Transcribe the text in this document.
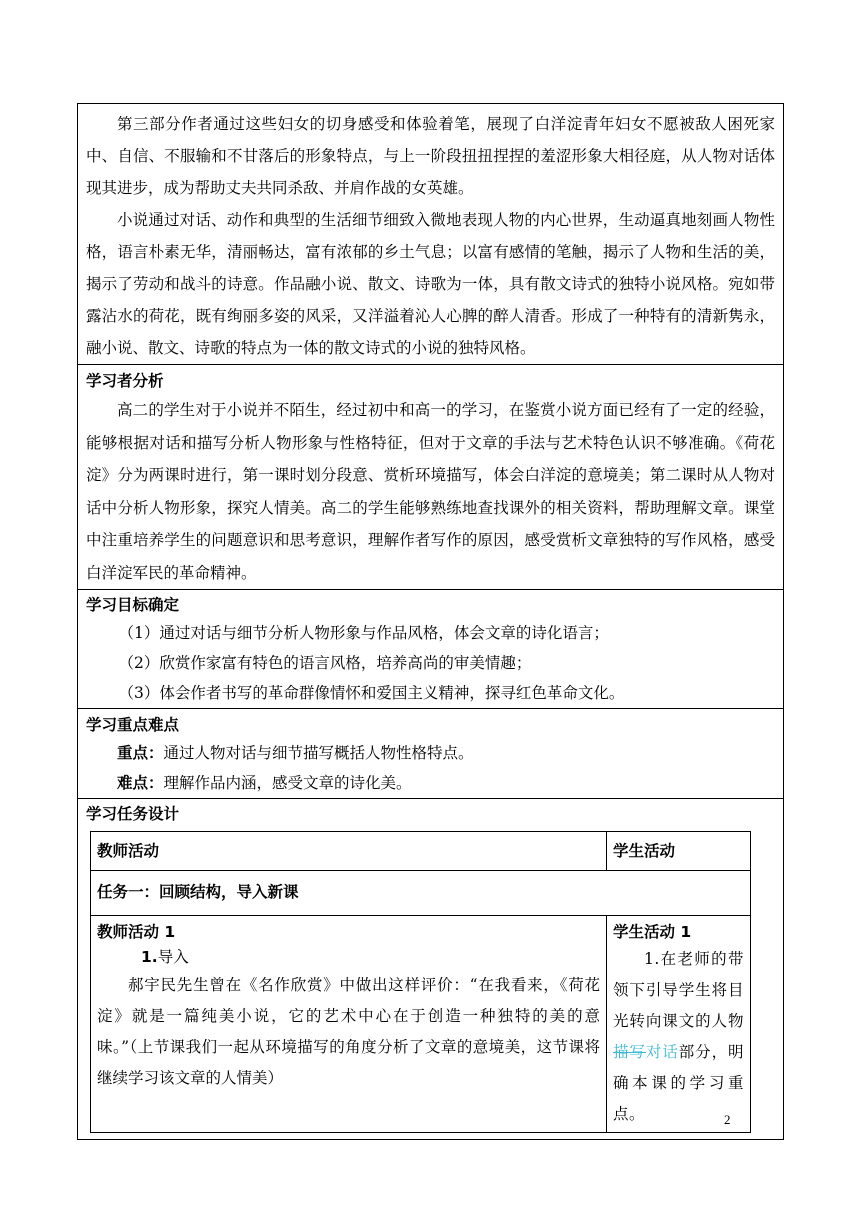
第三部分作者通过这些妇女的切身感受和体验着笔，展现了白洋淀青年妇女不愿被敌人困死家中、自信、不服输和不甘落后的形象特点，与上一阶段扭扭捏捏的羞涩形象大相径庭，从人物对话体现其进步，成为帮助丈夫共同杀敌、并肩作战的女英雄。

小说通过对话、动作和典型的生活细节细致入微地表现人物的内心世界，生动逼真地刻画人物性格，语言朴素无华，清丽畅达，富有浓郁的乡土气息；以富有感情的笔触，揭示了人物和生活的美，揭示了劳动和战斗的诗意。作品融小说、散文、诗歌为一体，具有散文诗式的独特小说风格。宛如带露沾水的荷花，既有绚丽多姿的风采，又洋溢着沁人心脾的醉人清香。形成了一种特有的清新隽永，融小说、散文、诗歌的特点为一体的散文诗式的小说的独特风格。

学习者分析

高二的学生对于小说并不陌生，经过初中和高一的学习，在鉴赏小说方面已经有了一定的经验，能够根据对话和描写分析人物形象与性格特征，但对于文章的手法与艺术特色认识不够准确。《荷花淀》分为两课时进行，第一课时划分段意、赏析环境描写，体会白洋淀的意境美；第二课时从人物对话中分析人物形象，探究人情美。高二的学生能够熟练地查找课外的相关资料，帮助理解文章。课堂中注重培养学生的问题意识和思考意识，理解作者写作的原因，感受赏析文章独特的写作风格，感受白洋淀军民的革命精神。

学习目标确定

（1）通过对话与细节分析人物形象与作品风格，体会文章的诗化语言；

（2）欣赏作家富有特色的语言风格，培养高尚的审美情趣；

（3）体会作者书写的革命群像情怀和爱国主义精神，探寻红色革命文化。

学习重点难点

重点：通过人物对话与细节描写概括人物性格特点。

难点：理解作品内涵，感受文章的诗化美。

学习任务设计

教师活动	学生活动

任务一：回顾结构，导入新课

教师活动 1

1.导入

郝宇民先生曾在《名作欣赏》中做出这样评价：“在我看来，《荷花淀》就是一篇纯美小说，它的艺术中心在于创造一种独特的美的意味。”（上节课我们一起从环境描写的角度分析了文章的意境美，这节课将继续学习该文章的人情美）

学生活动 1

1.在老师的带领下引导学生将目光转向课文的人物描写对话部分，明确本课的学习重点。	2
